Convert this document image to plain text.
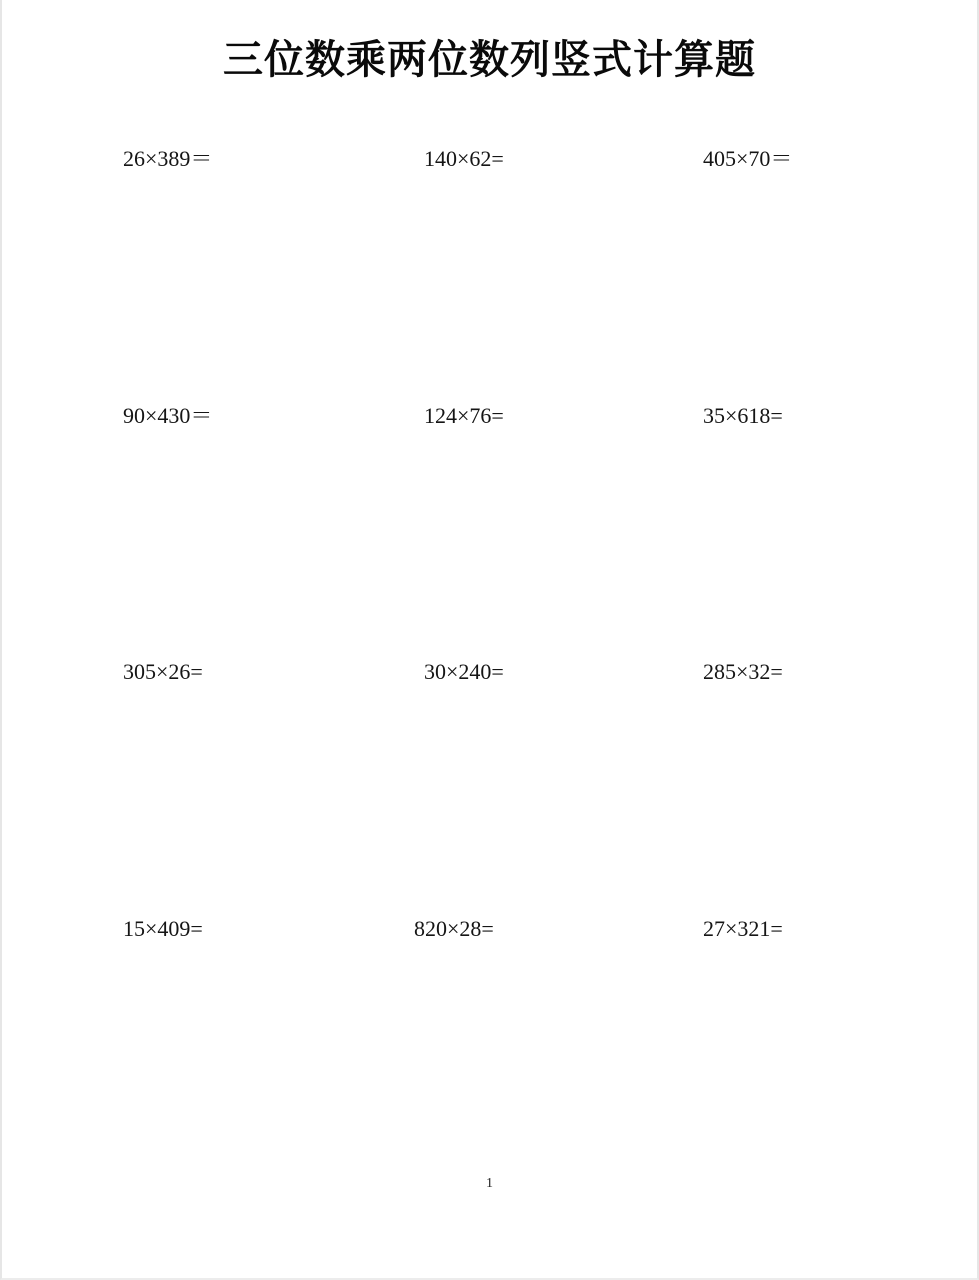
三位数乘两位数列竖式计算题
26×389＝	140×62=	405×70＝
90×430＝	124×76=	35×618=
305×26=	30×240=	285×32=
15×409=	820×28=	27×321=
1
